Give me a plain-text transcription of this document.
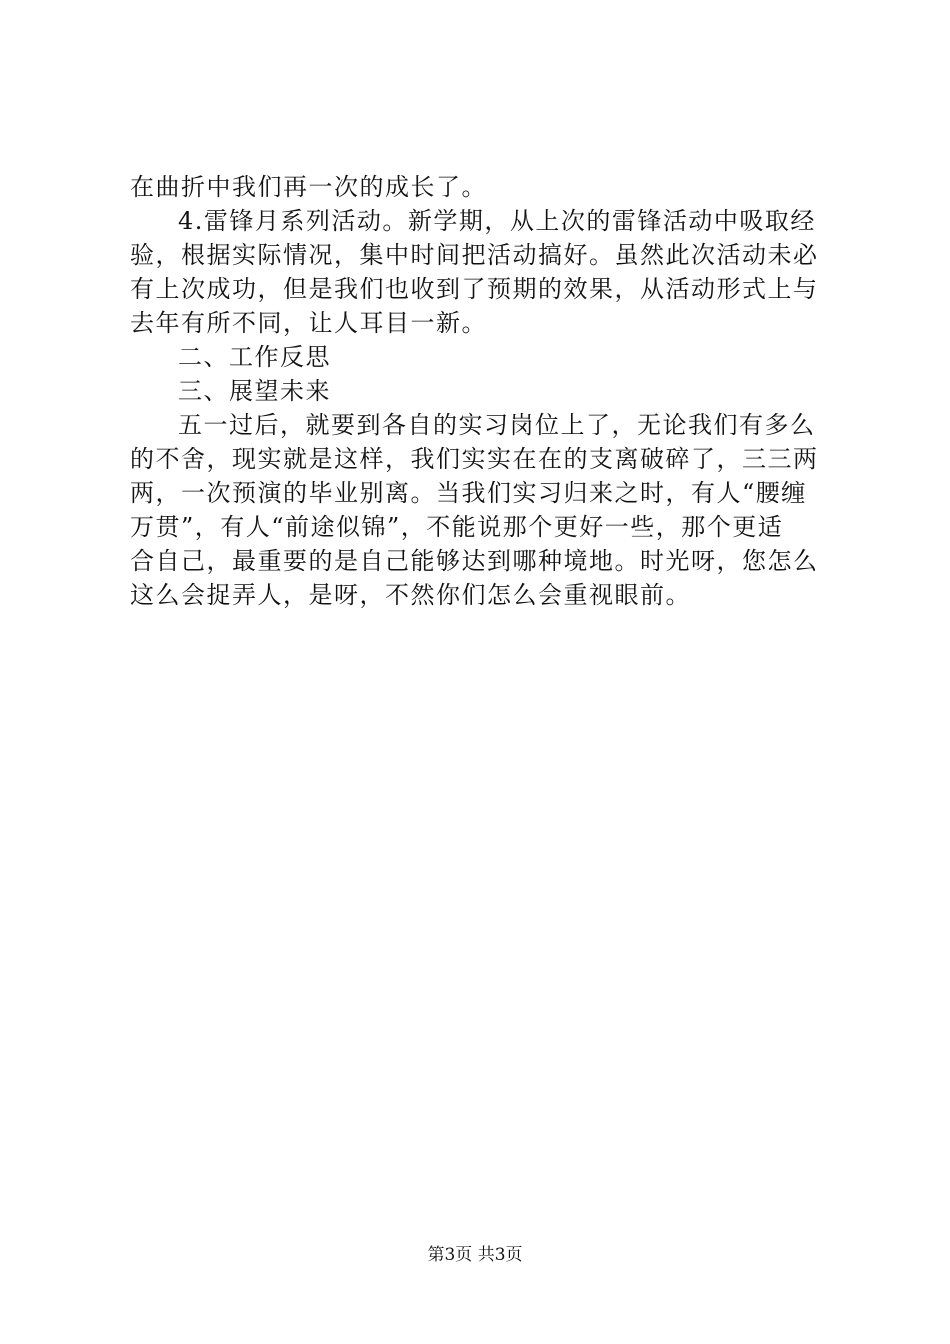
在曲折中我们再一次的成长了。
4.雷锋月系列活动。新学期，从上次的雷锋活动中吸取经
验，根据实际情况，集中时间把活动搞好。虽然此次活动未必
有上次成功，但是我们也收到了预期的效果，从活动形式上与
去年有所不同，让人耳目一新。
二、工作反思
三、展望未来
五一过后，就要到各自的实习岗位上了，无论我们有多么
的不舍，现实就是这样，我们实实在在的支离破碎了，三三两
两，一次预演的毕业别离。当我们实习归来之时，有人“腰缠
万贯”，有人“前途似锦”，不能说那个更好一些，那个更适
合自己，最重要的是自己能够达到哪种境地。时光呀，您怎么
这么会捉弄人，是呀，不然你们怎么会重视眼前。
第3页 共3页
